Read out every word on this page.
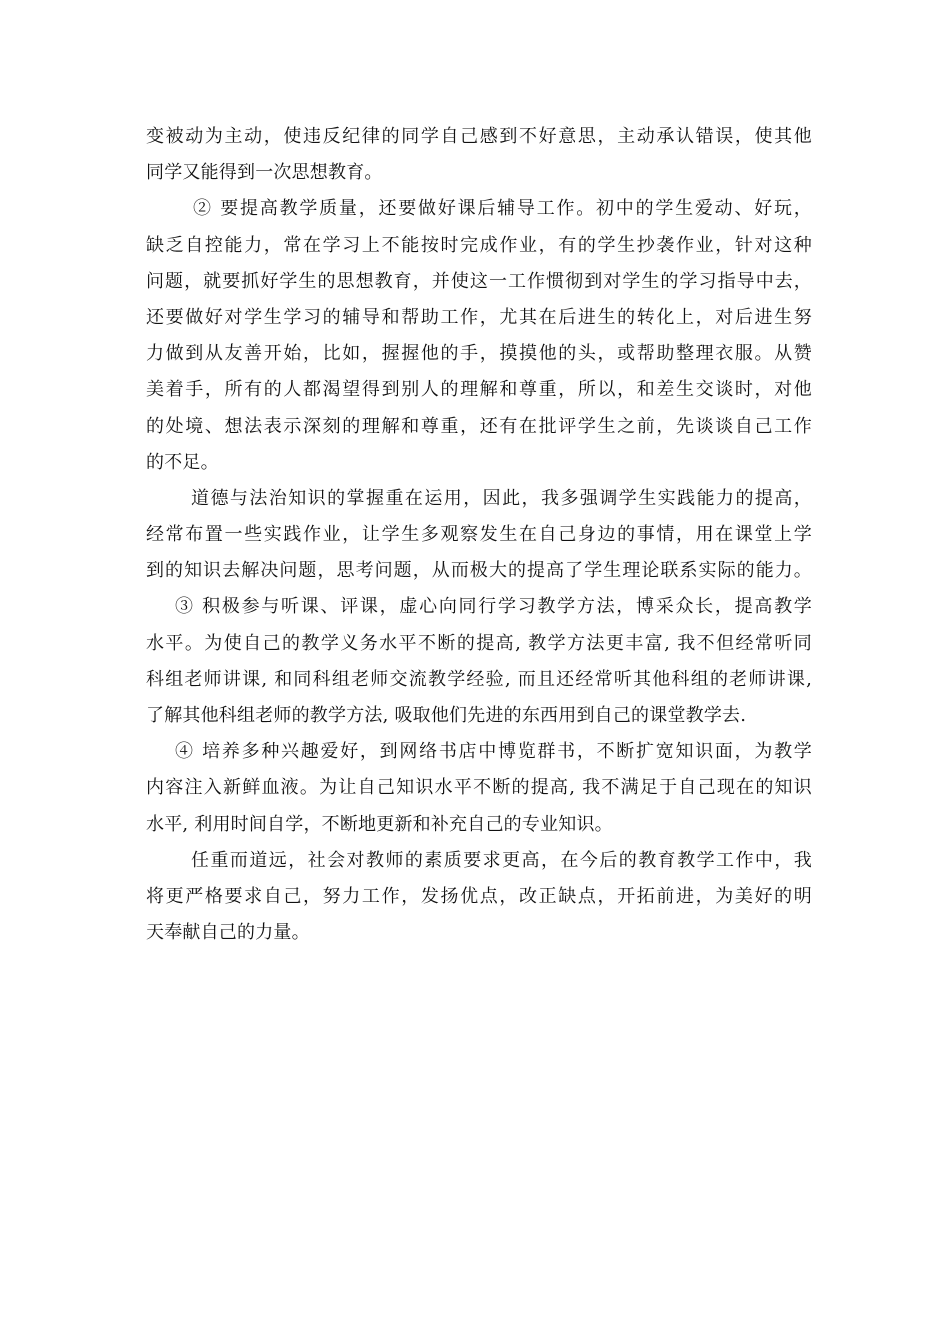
变被动为主动，使违反纪律的同学自己感到不好意思，主动承认错误，使其他
同学又能得到一次思想教育。
② 要提高教学质量，还要做好课后辅导工作。初中的学生爱动、好玩，
缺乏自控能力，常在学习上不能按时完成作业，有的学生抄袭作业，针对这种
问题，就要抓好学生的思想教育，并使这一工作惯彻到对学生的学习指导中去，
还要做好对学生学习的辅导和帮助工作，尤其在后进生的转化上，对后进生努
力做到从友善开始，比如，握握他的手，摸摸他的头，或帮助整理衣服。从赞
美着手，所有的人都渴望得到别人的理解和尊重，所以，和差生交谈时，对他
的处境、想法表示深刻的理解和尊重，还有在批评学生之前，先谈谈自己工作
的不足。
道德与法治知识的掌握重在运用，因此，我多强调学生实践能力的提高，
经常布置一些实践作业，让学生多观察发生在自己身边的事情，用在课堂上学
到的知识去解决问题，思考问题，从而极大的提高了学生理论联系实际的能力。
③ 积极参与听课、评课，虚心向同行学习教学方法，博采众长，提高教学
水平。为使自己的教学义务水平不断的提高, 教学方法更丰富, 我不但经常听同
科组老师讲课, 和同科组老师交流教学经验, 而且还经常听其他科组的老师讲课,
了解其他科组老师的教学方法, 吸取他们先进的东西用到自己的课堂教学去.
④ 培养多种兴趣爱好，到网络书店中博览群书，不断扩宽知识面，为教学
内容注入新鲜血液。为让自己知识水平不断的提高, 我不满足于自己现在的知识
水平, 利用时间自学，不断地更新和补充自己的专业知识。
任重而道远，社会对教师的素质要求更高，在今后的教育教学工作中，我
将更严格要求自己，努力工作，发扬优点，改正缺点，开拓前进，为美好的明
天奉献自己的力量。
